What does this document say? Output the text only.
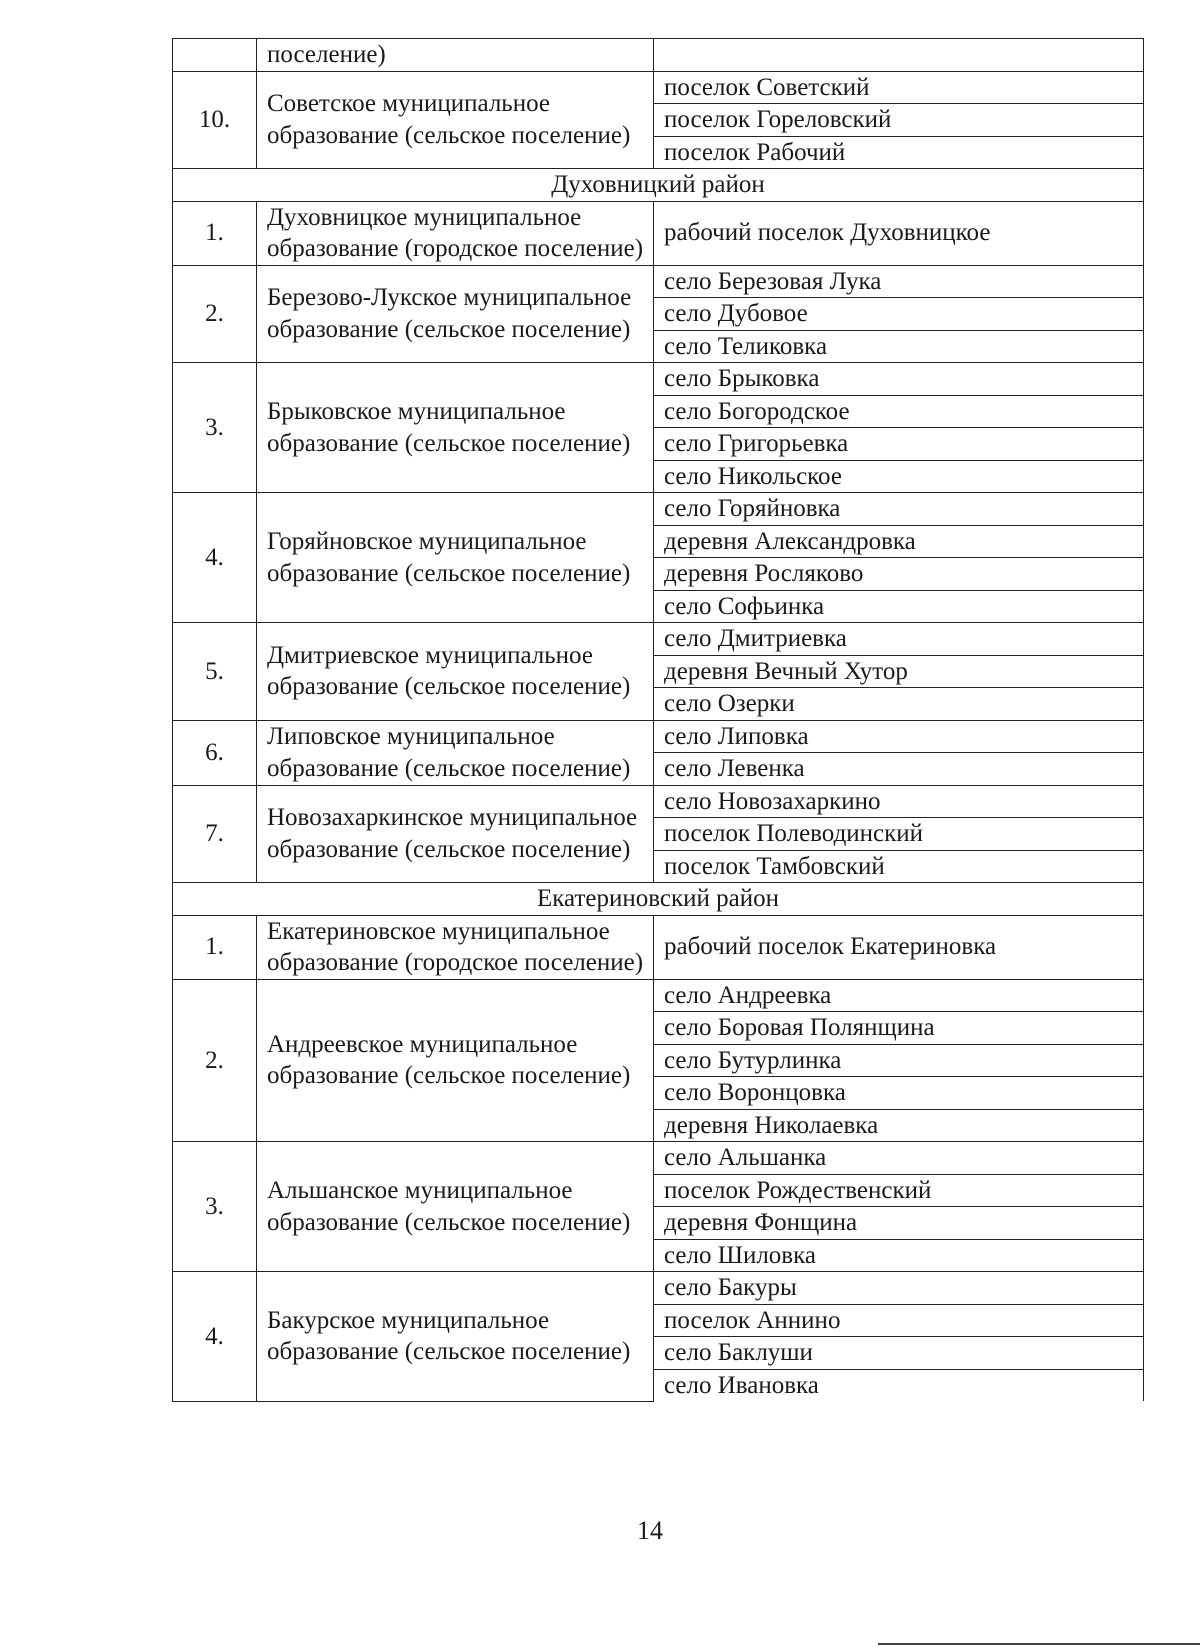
	поселение)	
10.	Советское муниципальное образование (сельское поселение)	поселок Советский
		поселок Гореловский
		поселок Рабочий
Духовницкий район		
1.	Духовницкое муниципальное образование (городское поселение)	рабочий поселок Духовницкое
2.	Березово-Лукское муниципальное образование (сельское поселение)	село Березовая Лука
		село Дубовое
		село Теликовка
3.	Брыковское муниципальное образование (сельское поселение)	село Брыковка
		село Богородское
		село Григорьевка
		село Никольское
4.	Горяйновское муниципальное образование (сельское поселение)	село Горяйновка
		деревня Александровка
		деревня Росляково
		село Софьинка
5.	Дмитриевское муниципальное образование (сельское поселение)	село Дмитриевка
		деревня Вечный Хутор
		село Озерки
6.	Липовское муниципальное образование (сельское поселение)	село Липовка
		село Левенка
7.	Новозахаркинское муниципальное образование (сельское поселение)	село Новозахаркино
		поселок Полеводинский
		поселок Тамбовский
Екатериновский район		
1.	Екатериновское муниципальное образование (городское поселение)	рабочий поселок Екатериновка
2.	Андреевское муниципальное образование (сельское поселение)	село Андреевка
		село Боровая Полянщина
		село Бутурлинка
		село Воронцовка
		деревня Николаевка
3.	Альшанское муниципальное образование (сельское поселение)	село Альшанка
		поселок Рождественский
		деревня Фонщина
		село Шиловка
4.	Бакурское муниципальное образование (сельское поселение)	село Бакуры
		поселок Аннино
		село Баклуши
		село Ивановка
14
